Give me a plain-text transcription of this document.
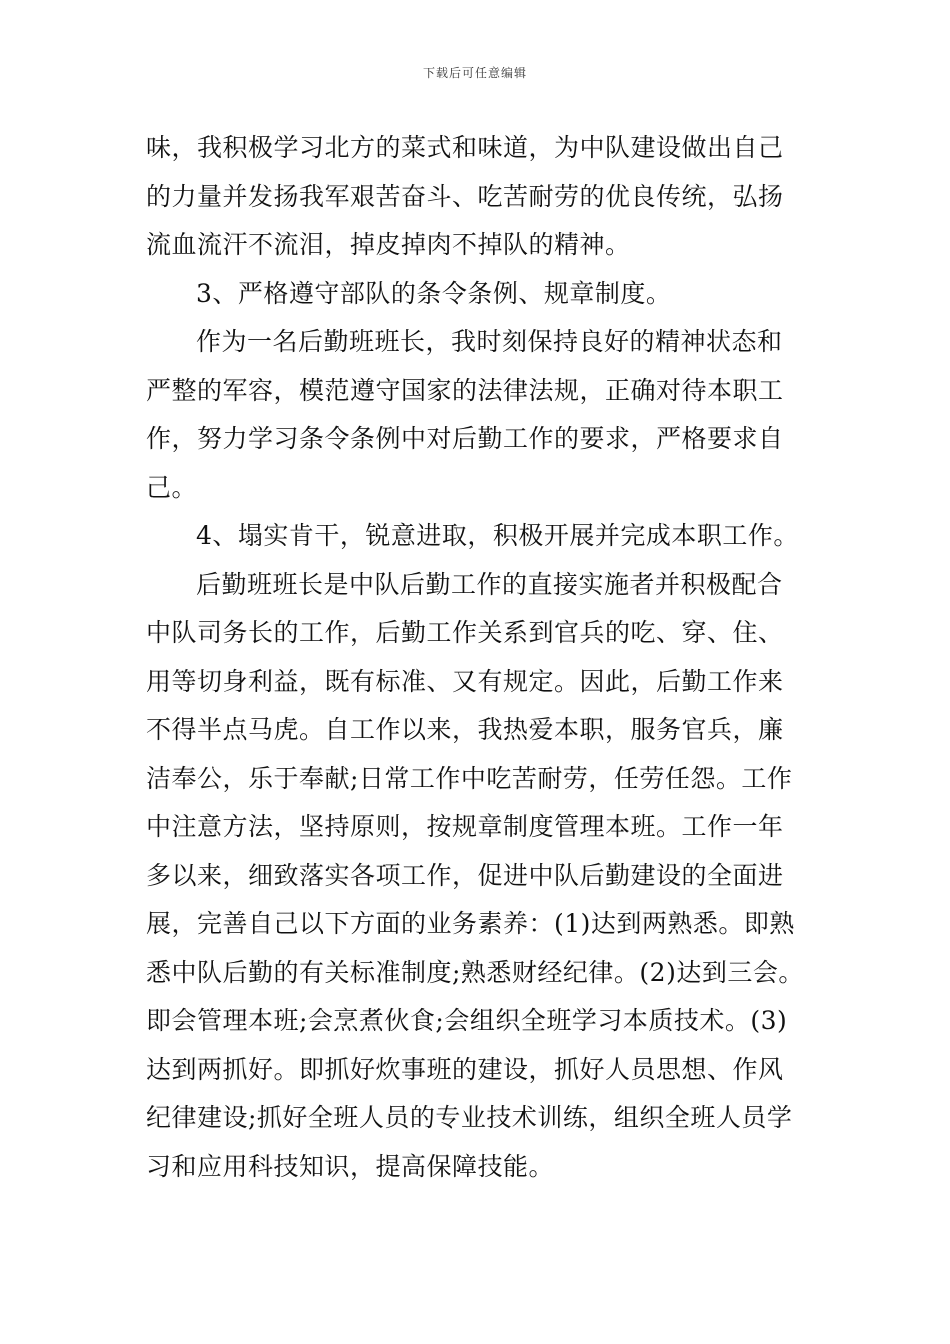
下载后可任意编辑
味，我积极学习北方的菜式和味道，为中队建设做出自己
的力量并发扬我军艰苦奋斗、吃苦耐劳的优良传统，弘扬
流血流汗不流泪，掉皮掉肉不掉队的精神。
3、严格遵守部队的条令条例、规章制度。
作为一名后勤班班长，我时刻保持良好的精神状态和
严整的军容，模范遵守国家的法律法规，正确对待本职工
作，努力学习条令条例中对后勤工作的要求，严格要求自
己。
4、塌实肯干，锐意进取，积极开展并完成本职工作。
后勤班班长是中队后勤工作的直接实施者并积极配合
中队司务长的工作，后勤工作关系到官兵的吃、穿、住、
用等切身利益，既有标准、又有规定。因此，后勤工作来
不得半点马虎。自工作以来，我热爱本职，服务官兵，廉
洁奉公，乐于奉献;日常工作中吃苦耐劳，任劳任怨。工作
中注意方法，坚持原则，按规章制度管理本班。工作一年
多以来，细致落实各项工作，促进中队后勤建设的全面进
展，完善自己以下方面的业务素养：(1)达到两熟悉。即熟
悉中队后勤的有关标准制度;熟悉财经纪律。(2)达到三会。
即会管理本班;会烹煮伙食;会组织全班学习本质技术。(3)
达到两抓好。即抓好炊事班的建设，抓好人员思想、作风
纪律建设;抓好全班人员的专业技术训练，组织全班人员学
习和应用科技知识，提高保障技能。
